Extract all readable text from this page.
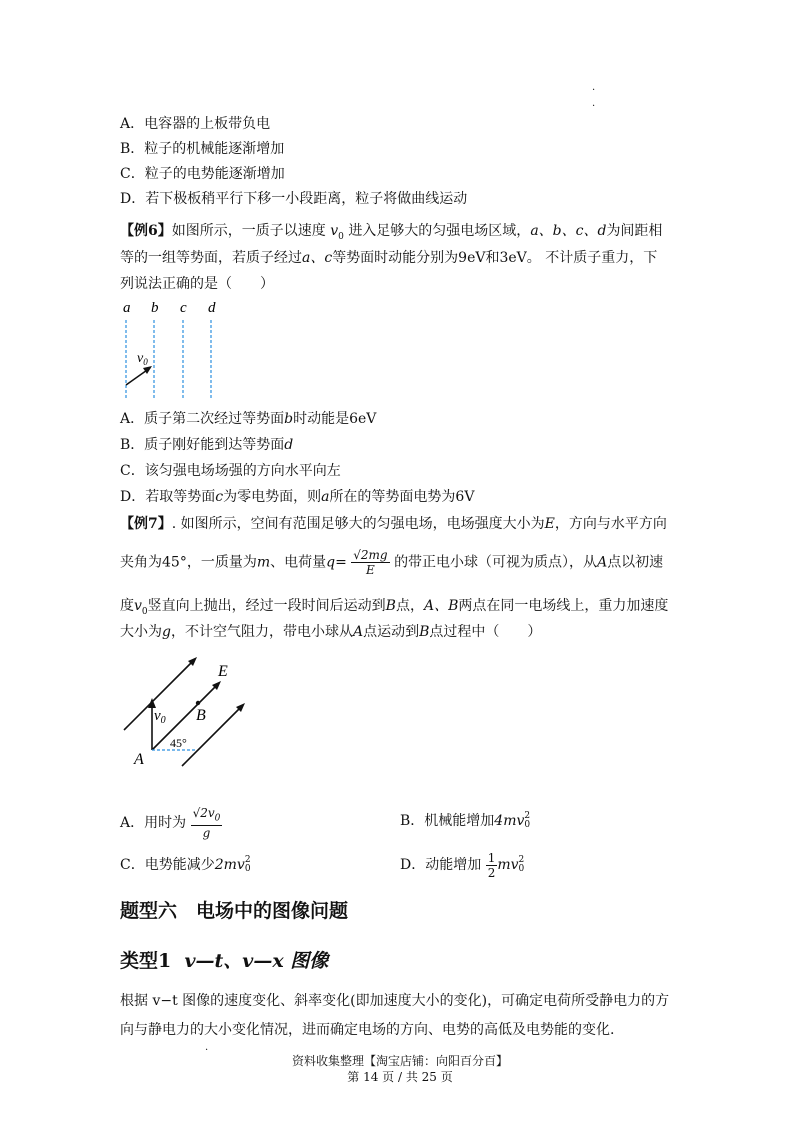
.
.
A．电容器的上板带负电
B．粒子的机械能逐渐增加
C．粒子的电势能逐渐增加
D．若下极板稍平行下移一小段距离，粒子将做曲线运动
【例6】如图所示，一质子以速度 $v_0$ 进入足够大的匀强电场区域，a、b、c、d为间距相
等的一组等势面，若质子经过a、c等势面时动能分别为9eV和3eV。 不计质子重力，下
列说法正确的是（　　）
a b c d
$v_0$
A．质子第二次经过等势面b时动能是6eV
B．质子刚好能到达等势面d
C．该匀强电场场强的方向水平向左
D．若取等势面c为零电势面，则a所在的等势面电势为6V
【例7】. 如图所示，空间有范围足够大的匀强电场，电场强度大小为E，方向与水平方向
夹角为45°，一质量为m、电荷量$q= \frac{√2mg}{E}$ 的带正电小球（可视为质点），从A点以初速
度$v_0$竖直向上抛出，经过一段时间后运动到B点，A、B两点在同一电场线上，重力加速度
大小为g，不计空气阻力，带电小球从A点运动到B点过程中（　　）
E
B
A
$v_0$
45°
A．用时为 $\frac{√2v_0}{g}$	B．机械能增加4mv 2
0
C．电势能减少2mv 2
0	D．动能增加 $\frac{1}{2}$ mv 2
0
题型六　电场中的图像问题
类型1 v—t、v—x 图像
根据 v−t 图像的速度变化、斜率变化(即加速度大小的变化)，可确定电荷所受静电力的方
向与静电力的大小变化情况，进而确定电场的方向、电势的高低及电势能的变化.
.
资料收集整理【淘宝店铺：向阳百分百】
第 14 页 / 共 25 页
